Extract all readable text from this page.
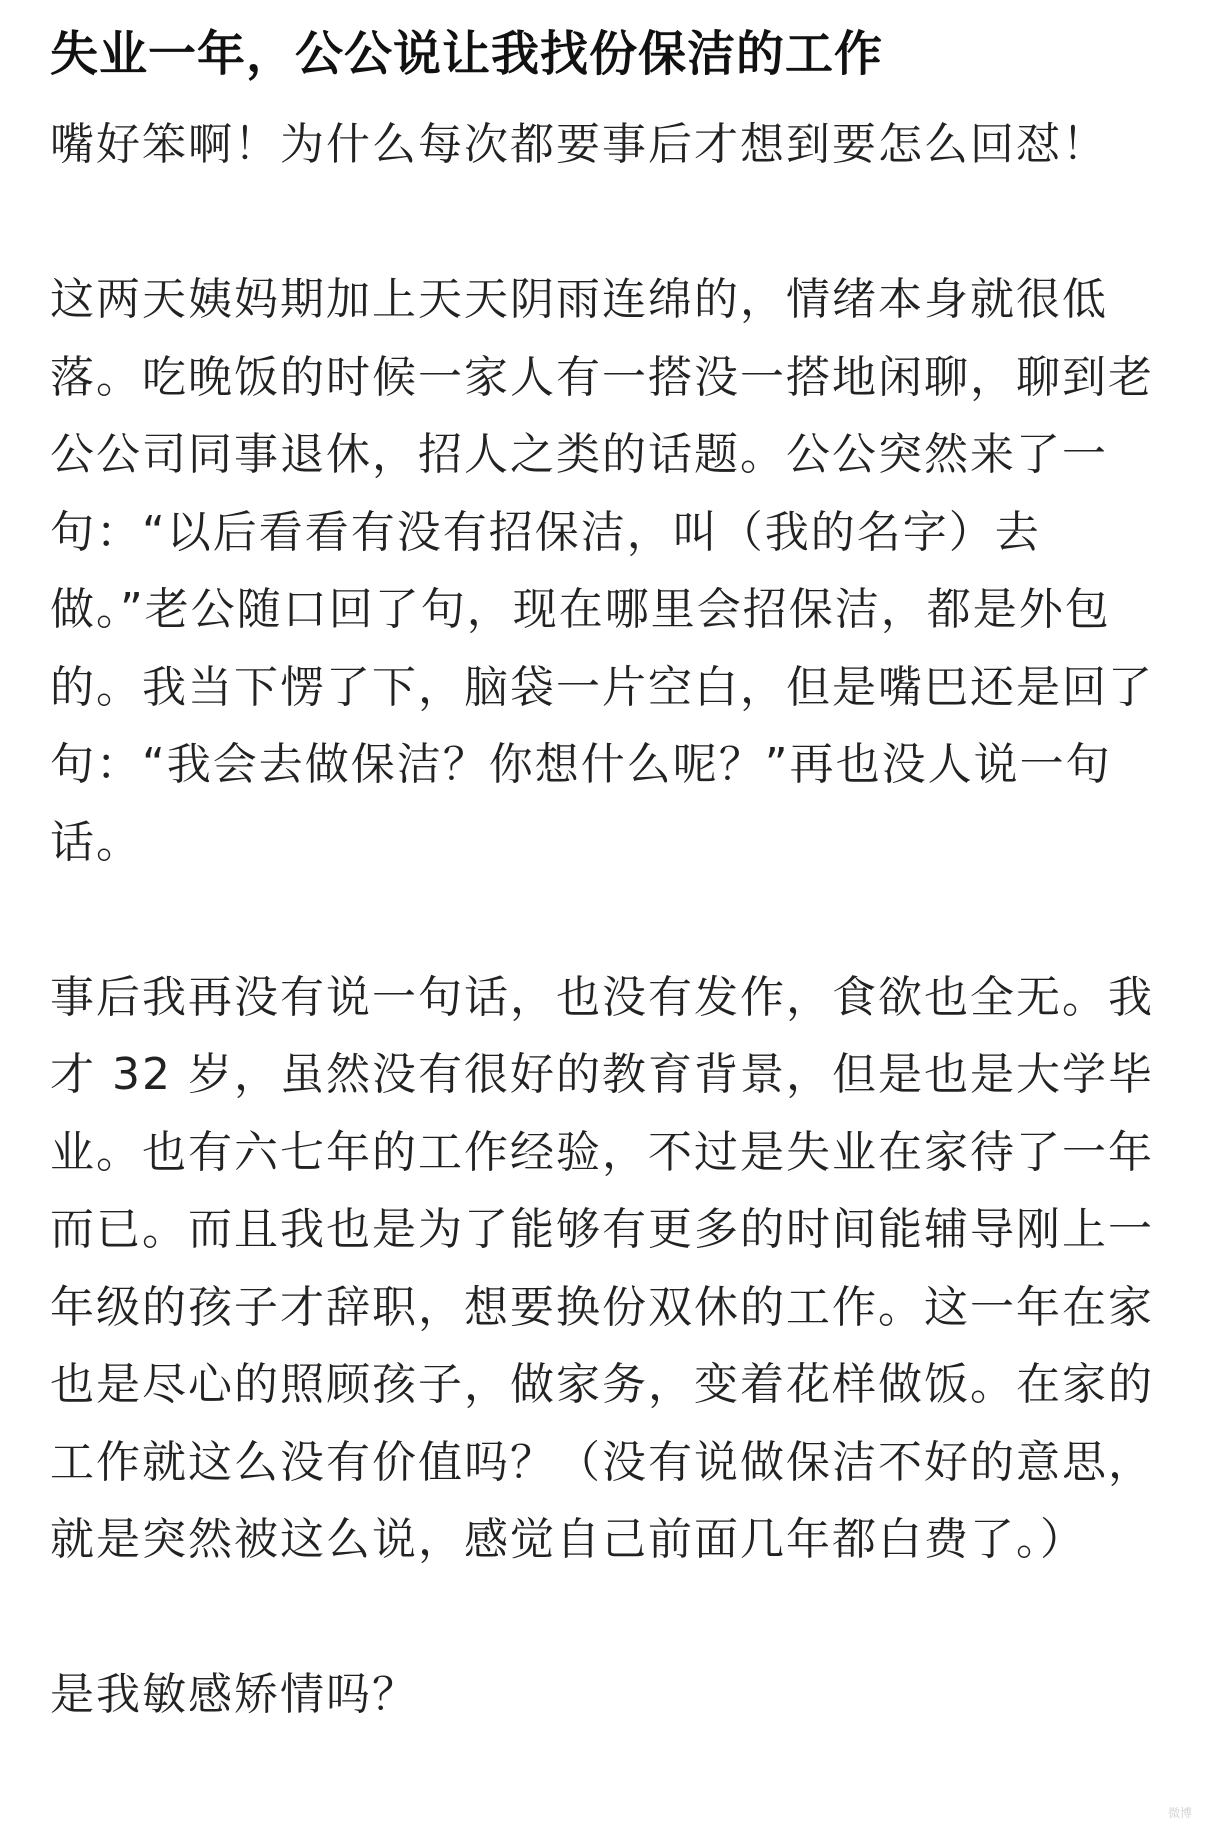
失业一年，公公说让我找份保洁的工作

嘴好笨啊！为什么每次都要事后才想到要怎么回怼！

这两天姨妈期加上天天阴雨连绵的，情绪本身就很低落。吃晚饭的时候一家人有一搭没一搭地闲聊，聊到老公公司同事退休，招人之类的话题。公公突然来了一句：“以后看看有没有招保洁，叫（我的名字）去做。”老公随口回了句，现在哪里会招保洁，都是外包的。我当下愣了下，脑袋一片空白，但是嘴巴还是回了句：“我会去做保洁？你想什么呢？”再也没人说一句话。

事后我再没有说一句话，也没有发作，食欲也全无。我才 32 岁，虽然没有很好的教育背景，但是也是大学毕业。也有六七年的工作经验，不过是失业在家待了一年而已。而且我也是为了能够有更多的时间能辅导刚上一年级的孩子才辞职，想要换份双休的工作。这一年在家也是尽心的照顾孩子，做家务，变着花样做饭。在家的工作就这么没有价值吗？（没有说做保洁不好的意思，就是突然被这么说，感觉自己前面几年都白费了。）

是我敏感矫情吗？

微博
